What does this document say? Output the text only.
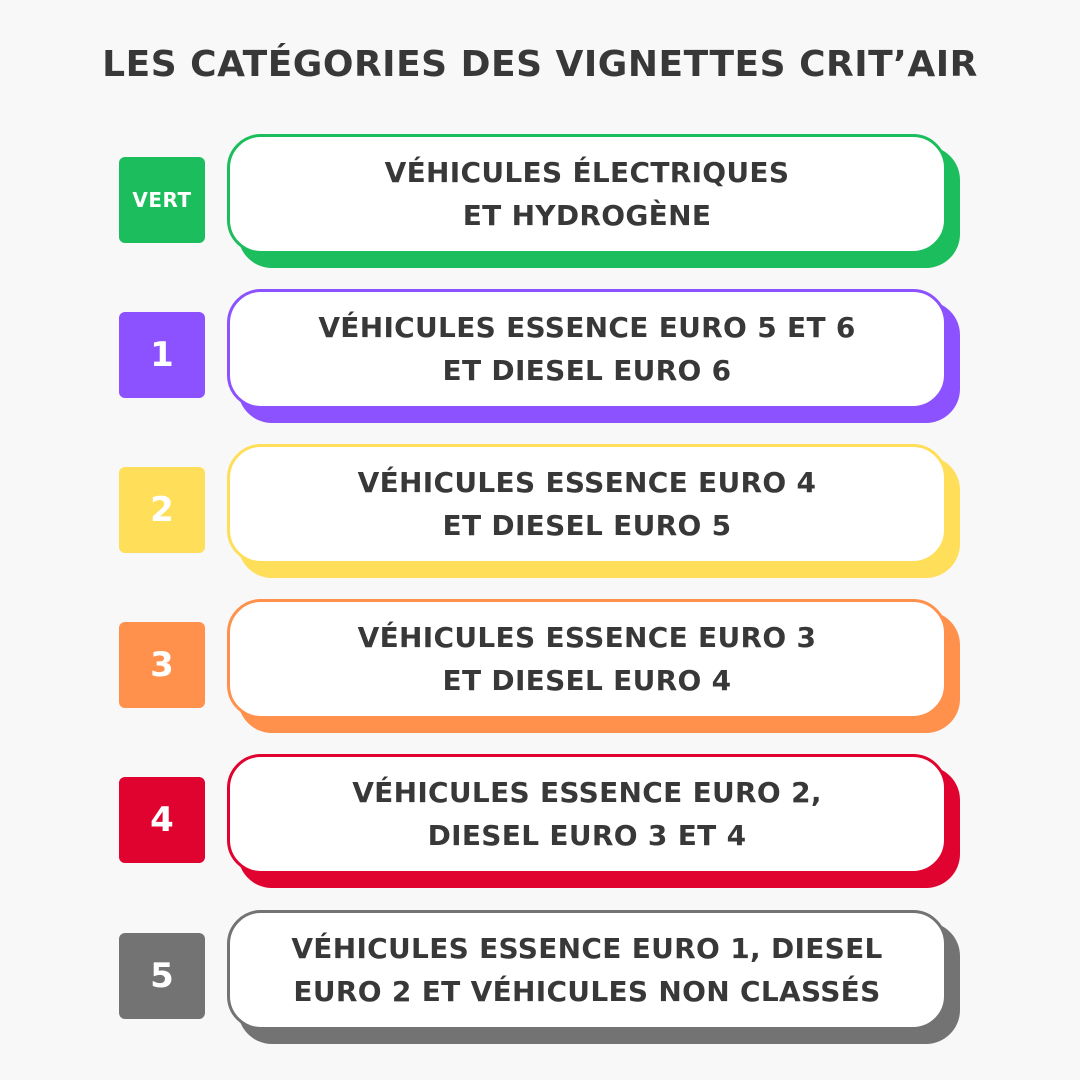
LES CATÉGORIES DES VIGNETTES CRIT’AIR
VERT
VÉHICULES ÉLECTRIQUES
ET HYDROGÈNE
1
VÉHICULES ESSENCE EURO 5 ET 6
ET DIESEL EURO 6
2
VÉHICULES ESSENCE EURO 4
ET DIESEL EURO 5
3
VÉHICULES ESSENCE EURO 3
ET DIESEL EURO 4
4
VÉHICULES ESSENCE EURO 2,
DIESEL EURO 3 ET 4
5
VÉHICULES ESSENCE EURO 1, DIESEL
EURO 2 ET VÉHICULES NON CLASSÉS
